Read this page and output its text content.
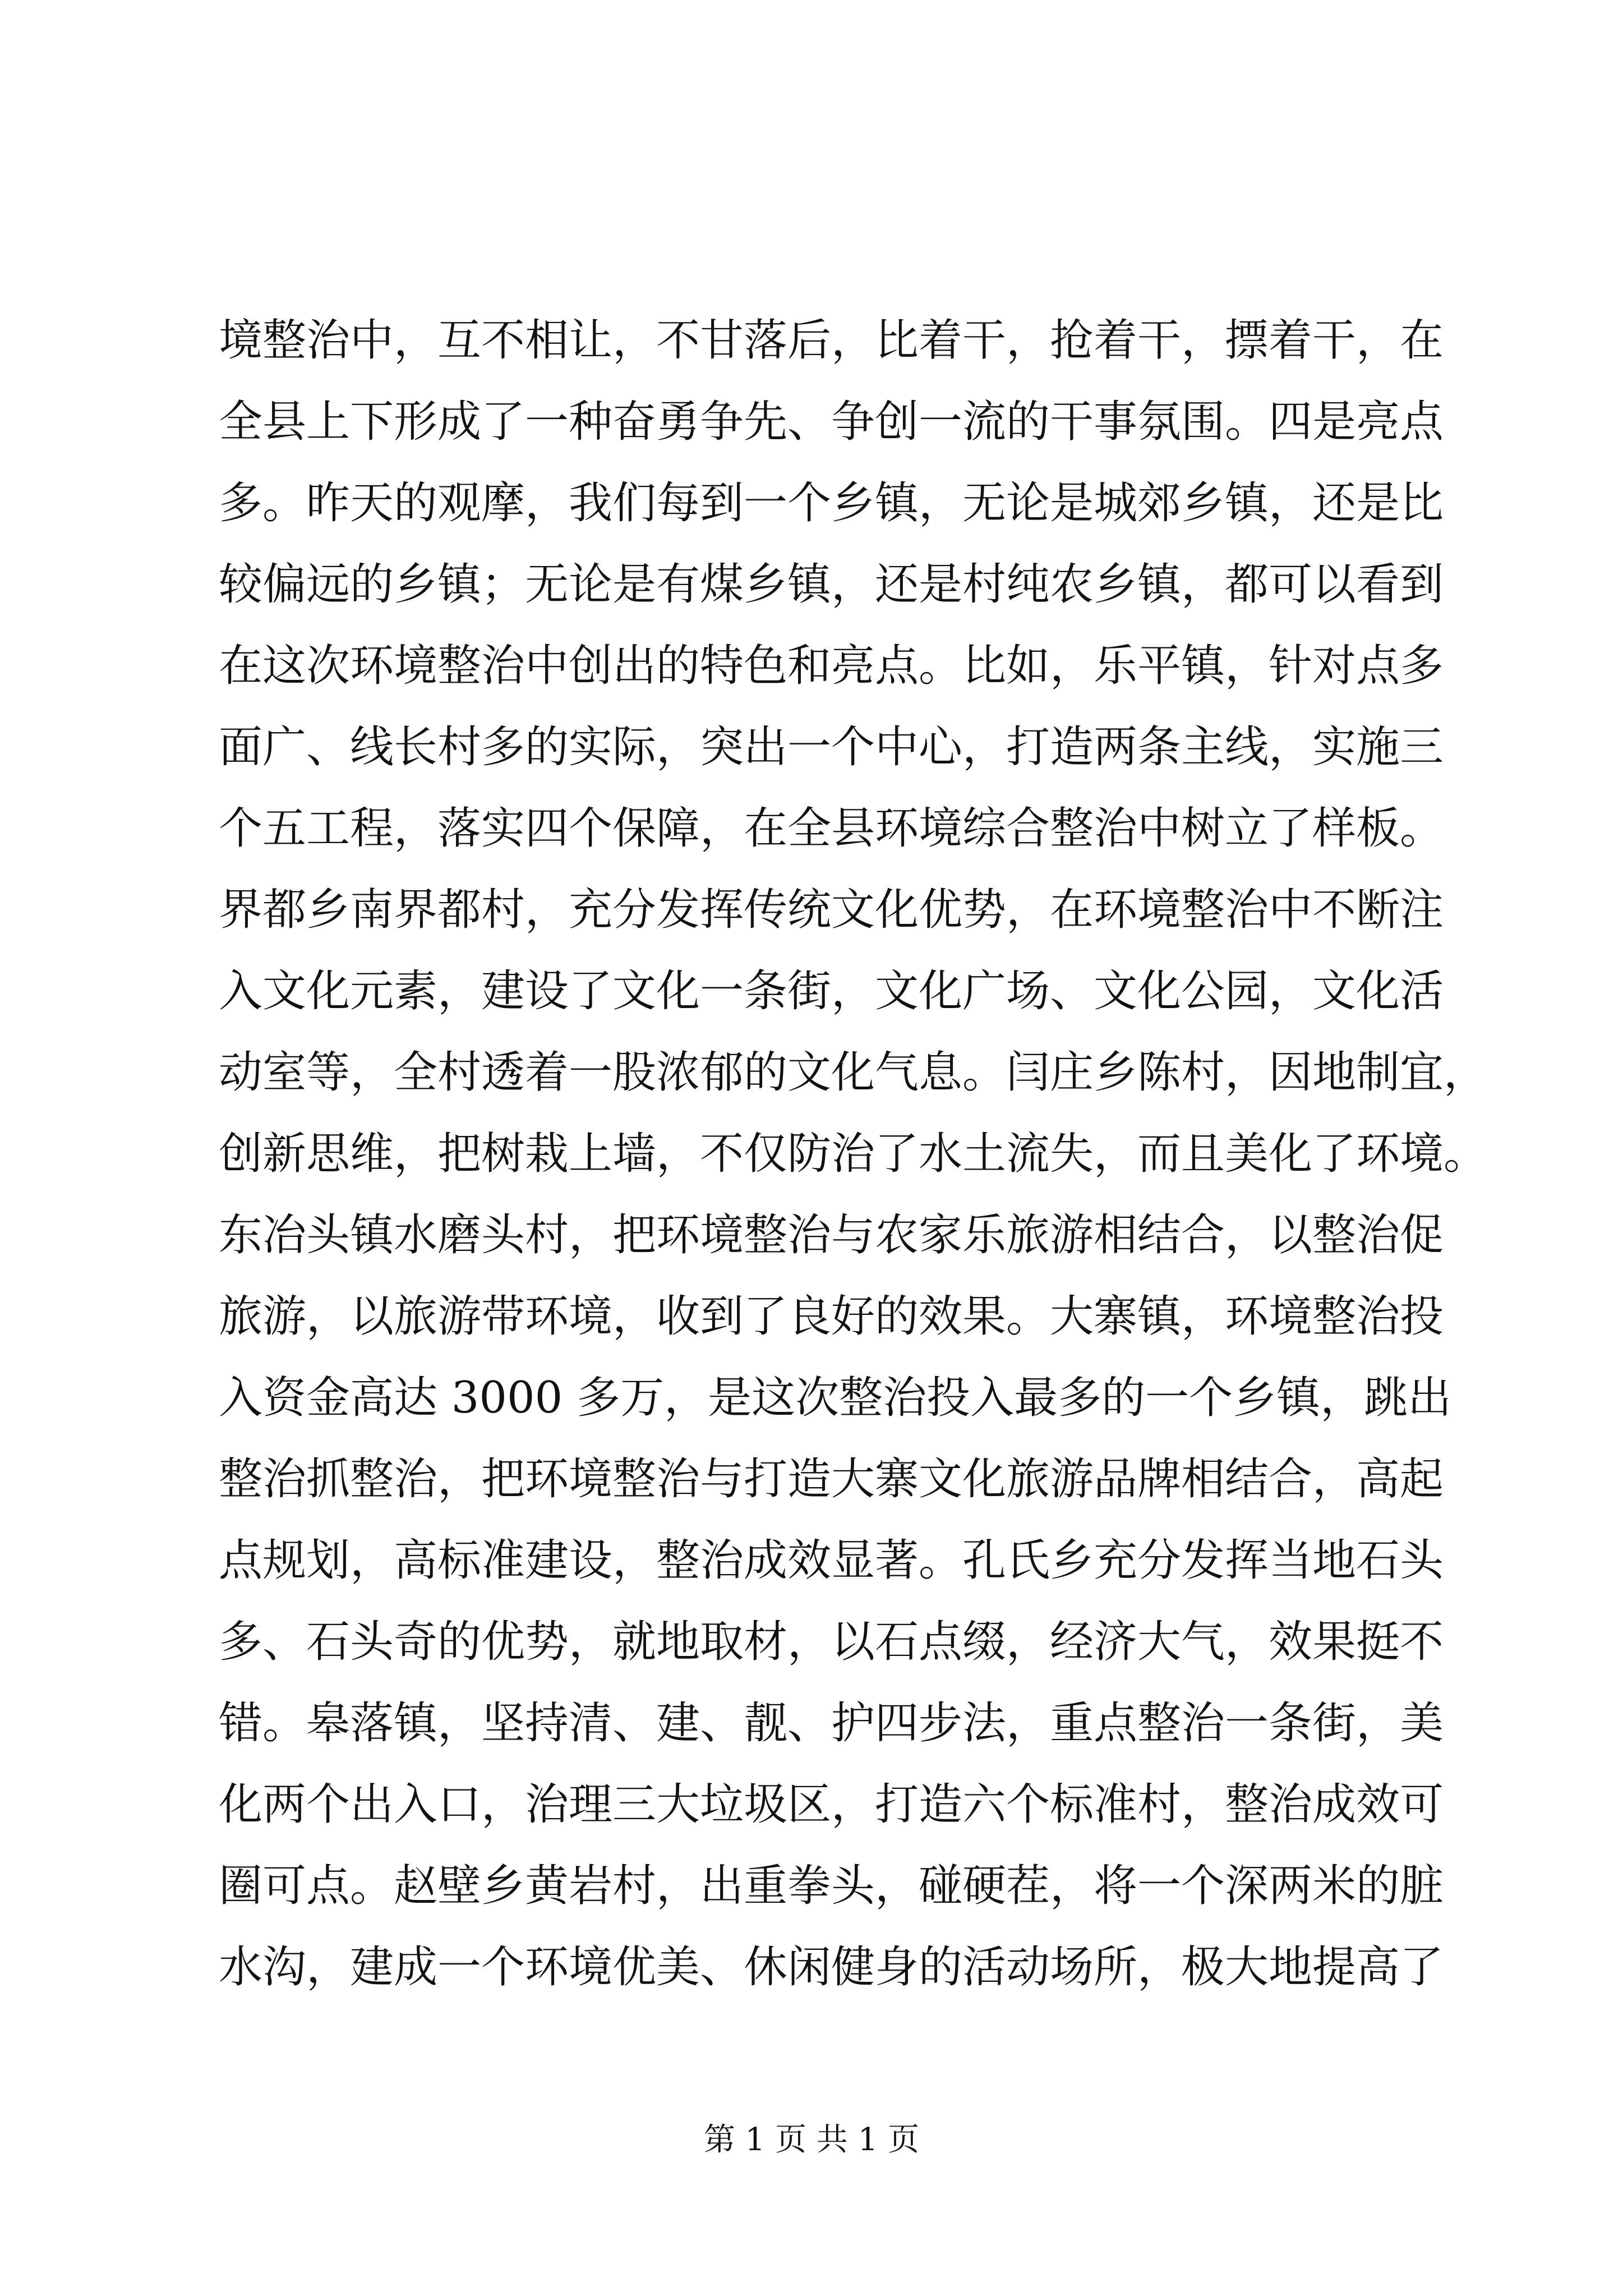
境整治中，互不相让，不甘落后，比着干，抢着干，摽着干，在
全县上下形成了一种奋勇争先、争创一流的干事氛围。四是亮点
多。昨天的观摩，我们每到一个乡镇，无论是城郊乡镇，还是比
较偏远的乡镇；无论是有煤乡镇，还是村纯农乡镇，都可以看到
在这次环境整治中创出的特色和亮点。比如，乐平镇，针对点多
面广、线长村多的实际，突出一个中心，打造两条主线，实施三
个五工程，落实四个保障，在全县环境综合整治中树立了样板。
界都乡南界都村，充分发挥传统文化优势，在环境整治中不断注
入文化元素，建设了文化一条街，文化广场、文化公园，文化活
动室等，全村透着一股浓郁的文化气息。闫庄乡陈村，因地制宜，
创新思维，把树栽上墙，不仅防治了水土流失，而且美化了环境。
东冶头镇水磨头村，把环境整治与农家乐旅游相结合，以整治促
旅游，以旅游带环境，收到了良好的效果。大寨镇，环境整治投
入资金高达 3000 多万，是这次整治投入最多的一个乡镇，跳出
整治抓整治，把环境整治与打造大寨文化旅游品牌相结合，高起
点规划，高标准建设，整治成效显著。孔氏乡充分发挥当地石头
多、石头奇的优势，就地取材，以石点缀，经济大气，效果挺不
错。皋落镇，坚持清、建、靓、护四步法，重点整治一条街，美
化两个出入口，治理三大垃圾区，打造六个标准村，整治成效可
圈可点。赵壁乡黄岩村，出重拳头，碰硬茬，将一个深两米的脏
水沟，建成一个环境优美、休闲健身的活动场所，极大地提高了
第 1 页 共 1 页
